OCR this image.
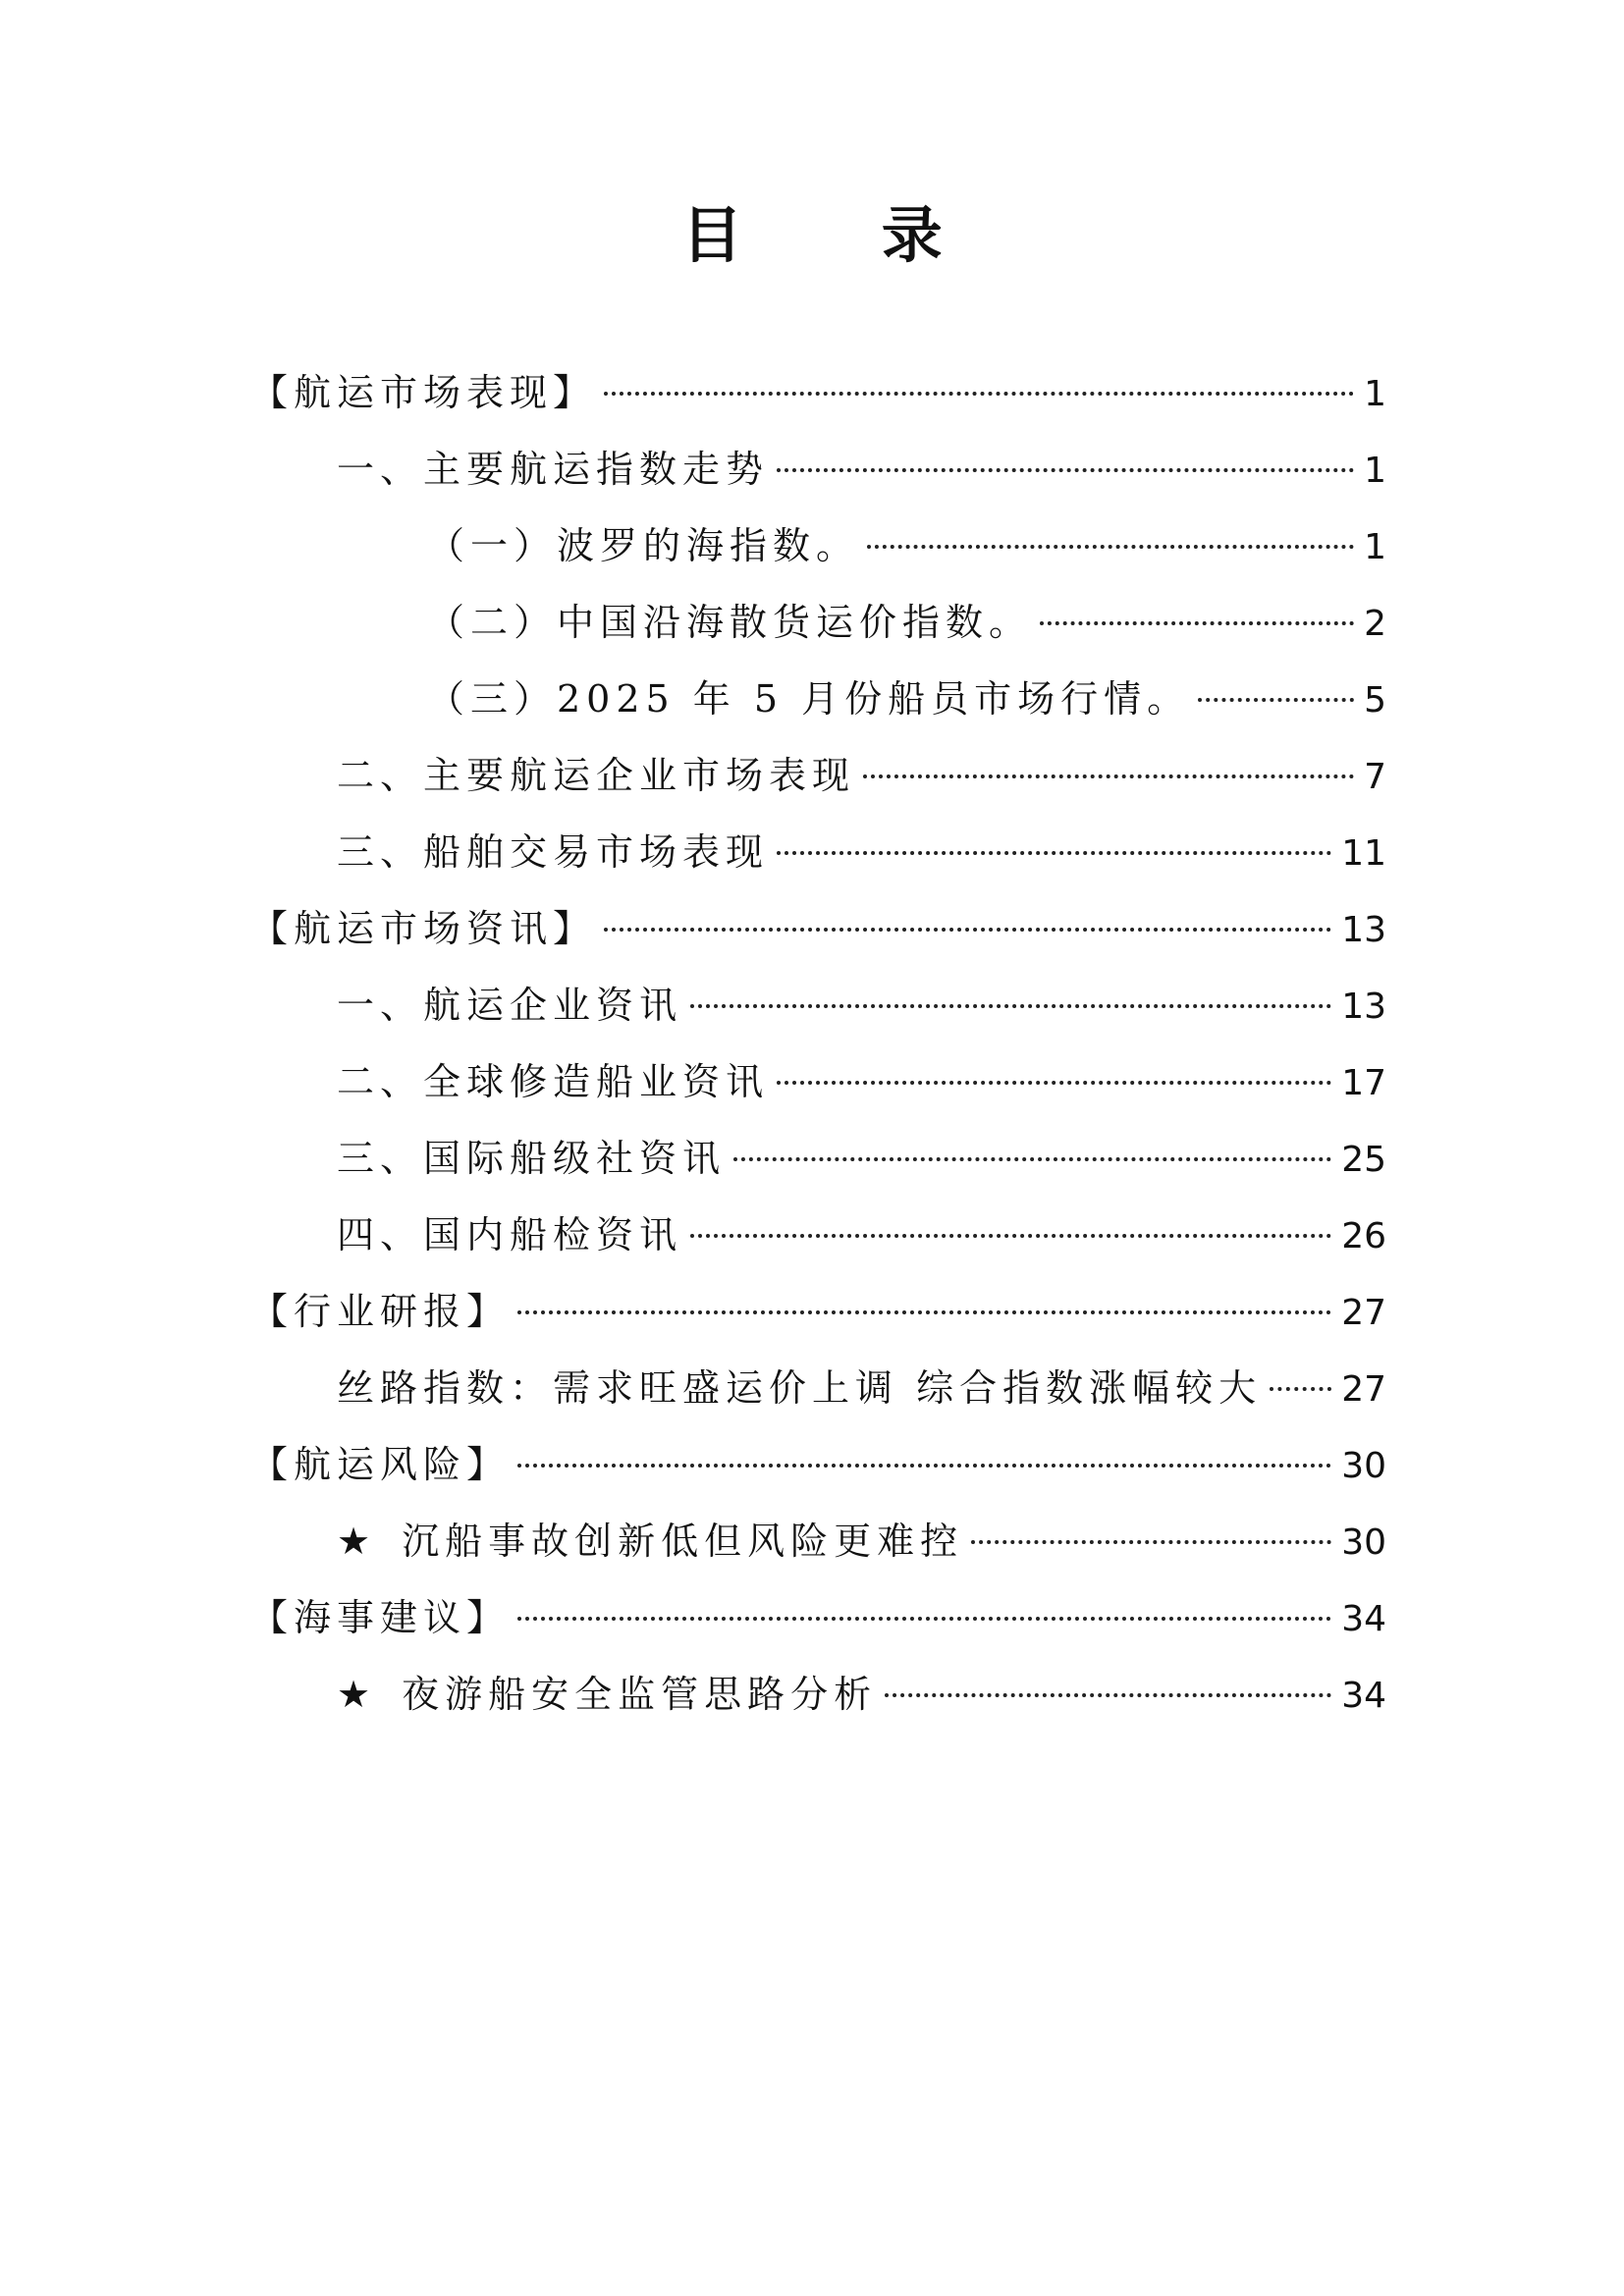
目 录
【航运市场表现】	1
一、主要航运指数走势	1
（一）波罗的海指数。	1
（二）中国沿海散货运价指数。	2
（三）2025 年 5 月份船员市场行情。	5
二、主要航运企业市场表现	7
三、船舶交易市场表现	11
【航运市场资讯】	13
一、航运企业资讯	13
二、全球修造船业资讯	17
三、国际船级社资讯	25
四、国内船检资讯	26
【行业研报】	27
丝路指数：需求旺盛运价上调 综合指数涨幅较大 27
【航运风险】	30
★ 沉船事故创新低但风险更难控	30
【海事建议】	34
★ 夜游船安全监管思路分析	34
